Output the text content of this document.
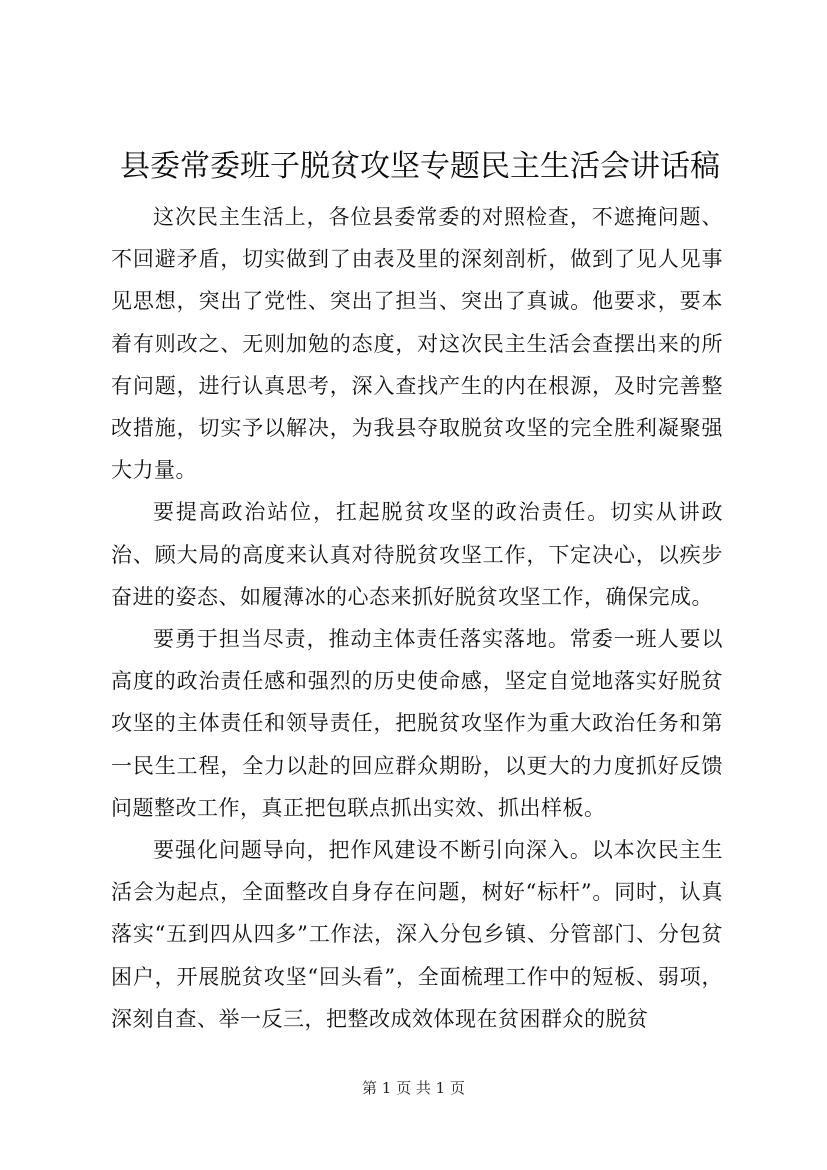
县委常委班子脱贫攻坚专题民主生活会讲话稿

这次民主生活上，各位县委常委的对照检查，不遮掩问题、不回避矛盾，切实做到了由表及里的深刻剖析，做到了见人见事见思想，突出了党性、突出了担当、突出了真诚。他要求，要本着有则改之、无则加勉的态度，对这次民主生活会查摆出来的所有问题，进行认真思考，深入查找产生的内在根源，及时完善整改措施，切实予以解决，为我县夺取脱贫攻坚的完全胜利凝聚强大力量。

要提高政治站位，扛起脱贫攻坚的政治责任。切实从讲政治、顾大局的高度来认真对待脱贫攻坚工作，下定决心，以疾步奋进的姿态、如履薄冰的心态来抓好脱贫攻坚工作，确保完成。

要勇于担当尽责，推动主体责任落实落地。常委一班人要以高度的政治责任感和强烈的历史使命感，坚定自觉地落实好脱贫攻坚的主体责任和领导责任，把脱贫攻坚作为重大政治任务和第一民生工程，全力以赴的回应群众期盼，以更大的力度抓好反馈问题整改工作，真正把包联点抓出实效、抓出样板。

要强化问题导向，把作风建设不断引向深入。以本次民主生活会为起点，全面整改自身存在问题，树好“标杆”。同时，认真落实“五到四从四多”工作法，深入分包乡镇、分管部门、分包贫困户，开展脱贫攻坚“回头看”，全面梳理工作中的短板、弱项，深刻自查、举一反三，把整改成效体现在贫困群众的脱贫

第 1 页 共 1 页
